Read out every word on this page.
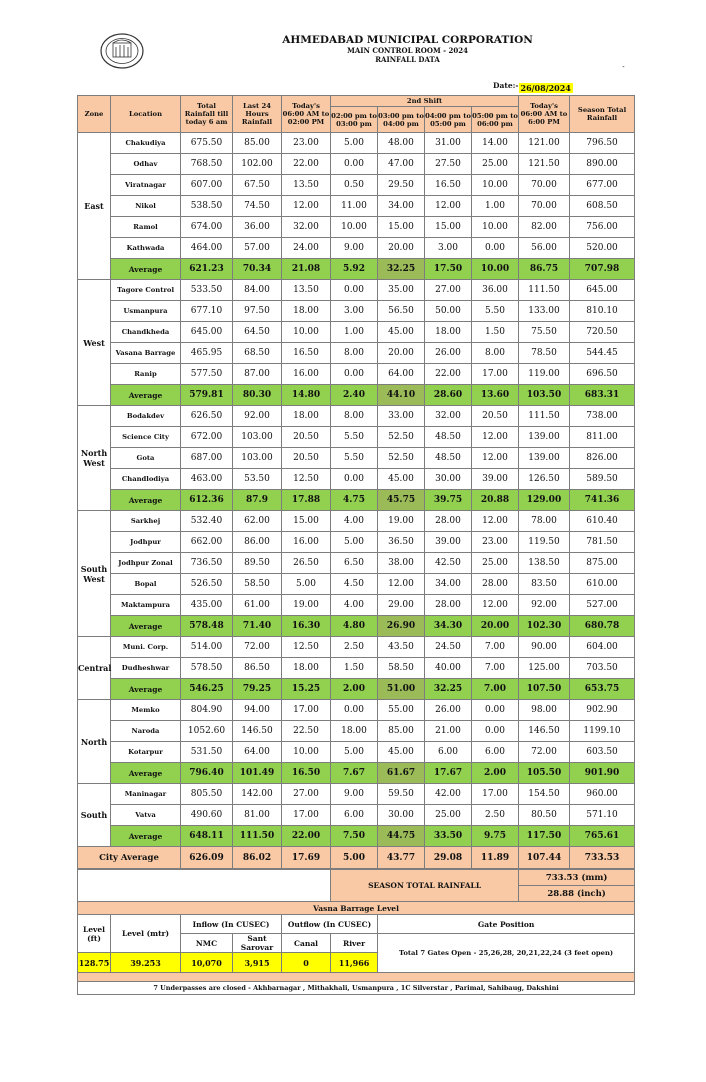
AHMEDABAD MUNICIPAL CORPORATION
MAIN CONTROL ROOM - 2024
RAINFALL DATA
-									

Date:-									26/08/2024		
Zone	Location	Total Rainfall till today 6 am	Last 24 Hours Rainfall	Today's 06:00 AM to 02:00 PM	2nd Shift				Today's 06:00 AM to 6:00 PM	Season Total Rainfall	
					02:00 pm to 03:00 pm	03:00 pm to 04:00 pm	04:00 pm to 05:00 pm	05:00 pm to 06:00 pm			
East	Chakudiya	675.50	85.00	23.00	5.00	48.00	31.00	14.00	121.00	796.50	
	Odhav	768.50	102.00	22.00	0.00	47.00	27.50	25.00	121.50	890.00	
	Viratnagar	607.00	67.50	13.50	0.50	29.50	16.50	10.00	70.00	677.00	
	Nikol	538.50	74.50	12.00	11.00	34.00	12.00	1.00	70.00	608.50	
	Ramol	674.00	36.00	32.00	10.00	15.00	15.00	10.00	82.00	756.00	
	Kathwada	464.00	57.00	24.00	9.00	20.00	3.00	0.00	56.00	520.00	
	Average	621.23	70.34	21.08	5.92	32.25	17.50	10.00	86.75	707.98	
West	Tagore Control	533.50	84.00	13.50	0.00	35.00	27.00	36.00	111.50	645.00	
	Usmanpura	677.10	97.50	18.00	3.00	56.50	50.00	5.50	133.00	810.10	
	Chandkheda	645.00	64.50	10.00	1.00	45.00	18.00	1.50	75.50	720.50	
	Vasana Barrage	465.95	68.50	16.50	8.00	20.00	26.00	8.00	78.50	544.45	
	Ranip	577.50	87.00	16.00	0.00	64.00	22.00	17.00	119.00	696.50	
	Average	579.81	80.30	14.80	2.40	44.10	28.60	13.60	103.50	683.31	
North West	Bodakdev	626.50	92.00	18.00	8.00	33.00	32.00	20.50	111.50	738.00	
	Science City	672.00	103.00	20.50	5.50	52.50	48.50	12.00	139.00	811.00	
	Gota	687.00	103.00	20.50	5.50	52.50	48.50	12.00	139.00	826.00	
	Chandlodiya	463.00	53.50	12.50	0.00	45.00	30.00	39.00	126.50	589.50	
	Average	612.36	87.9	17.88	4.75	45.75	39.75	20.88	129.00	741.36	
South West	Sarkhej	532.40	62.00	15.00	4.00	19.00	28.00	12.00	78.00	610.40	
	Jodhpur	662.00	86.00	16.00	5.00	36.50	39.00	23.00	119.50	781.50	
	Jodhpur Zonal	736.50	89.50	26.50	6.50	38.00	42.50	25.00	138.50	875.00	
	Bopal	526.50	58.50	5.00	4.50	12.00	34.00	28.00	83.50	610.00	
	Maktampura	435.00	61.00	19.00	4.00	29.00	28.00	12.00	92.00	527.00	
	Average	578.48	71.40	16.30	4.80	26.90	34.30	20.00	102.30	680.78	
Central	Muni. Corp.	514.00	72.00	12.50	2.50	43.50	24.50	7.00	90.00	604.00	
	Dudheshwar	578.50	86.50	18.00	1.50	58.50	40.00	7.00	125.00	703.50	
	Average	546.25	79.25	15.25	2.00	51.00	32.25	7.00	107.50	653.75	
North	Memko	804.90	94.00	17.00	0.00	55.00	26.00	0.00	98.00	902.90	
	Naroda	1052.60	146.50	22.50	18.00	85.00	21.00	0.00	146.50	1199.10	
	Kotarpur	531.50	64.00	10.00	5.00	45.00	6.00	6.00	72.00	603.50	
	Average	796.40	101.49	16.50	7.67	61.67	17.67	2.00	105.50	901.90	
South	Maninagar	805.50	142.00	27.00	9.00	59.50	42.00	17.00	154.50	960.00	
	Vatva	490.60	81.00	17.00	6.00	30.00	25.00	2.50	80.50	571.10	
	Average	648.11	111.50	22.00	7.50	44.75	33.50	9.75	117.50	765.61	
City Average		626.09	86.02	17.69	5.00	43.77	29.08	11.89	107.44	733.53	
					SEASON TOTAL RAINFALL		733.53 (mm)
							28.88 (inch)
Vasna Barrage Level							
Level (ft)	Level (mtr)	Inflow (In CUSEC)		Outflow (In CUSEC)		Gate Position	
		NMC	Sant Sarovar	Canal	River	Total 7 Gates Open - 25,26,28, 20,21,22,24 (3 feet open)	
128.75	39.253	10,070	3,915	0	11,966		

7 Underpasses are closed - Akhbarnagar , Mithakhali, Usmanpura , 1C Silverstar , Parimal, Sahibaug, Dakshini							
